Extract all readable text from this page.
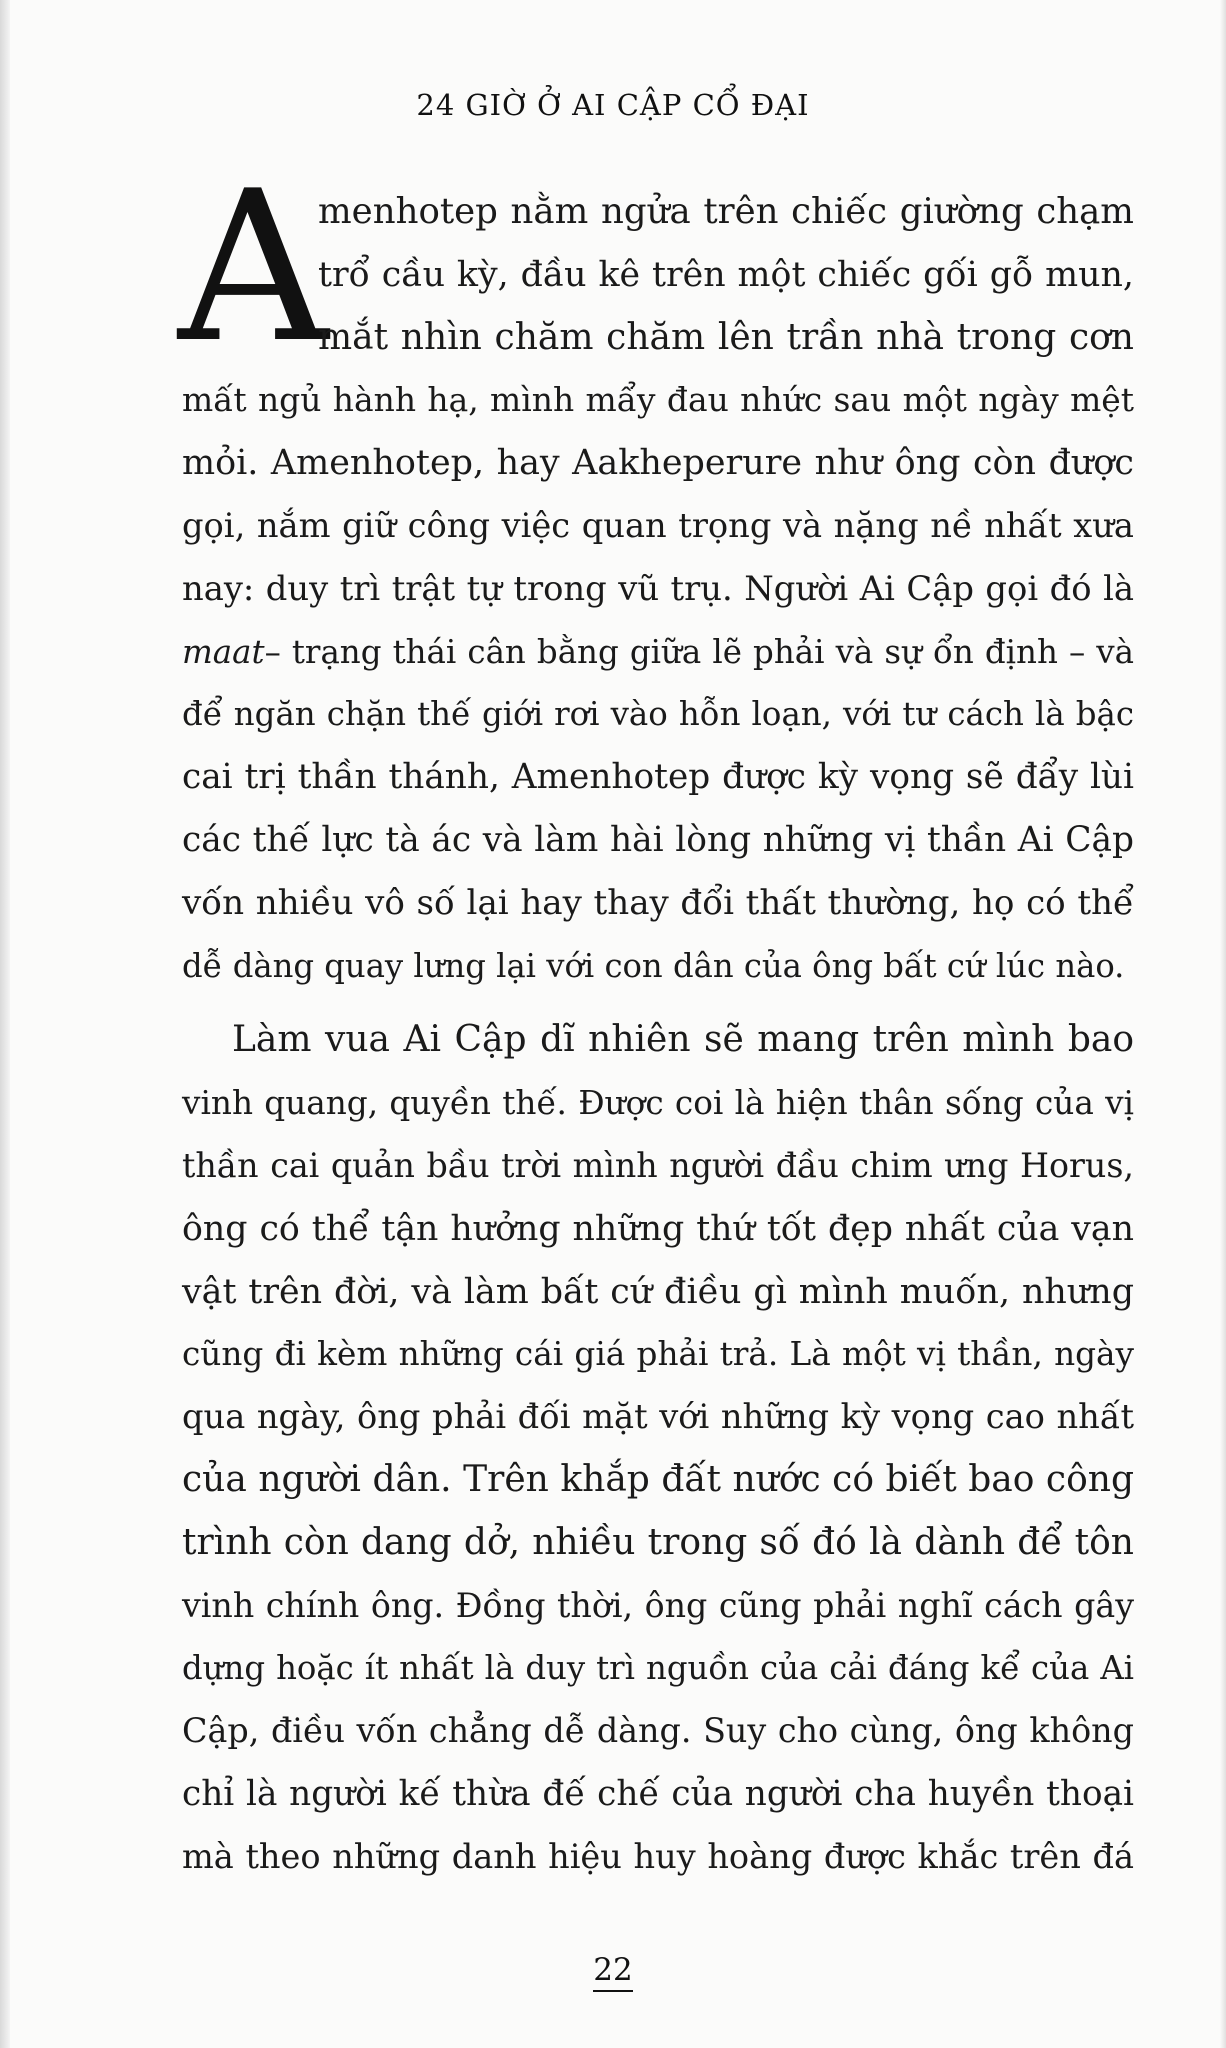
24 GIỜ Ở AI CẬP CỔ ĐẠI
A
menhotep nằm ngửa trên chiếc giường chạm
trổ cầu kỳ, đầu kê trên một chiếc gối gỗ mun,
mắt nhìn chăm chăm lên trần nhà trong cơn
mất ngủ hành hạ, mình mẩy đau nhức sau một ngày mệt
mỏi. Amenhotep, hay Aakheperure như ông còn được
gọi, nắm giữ công việc quan trọng và nặng nề nhất xưa
nay: duy trì trật tự trong vũ trụ. Người Ai Cập gọi đó là
maat– trạng thái cân bằng giữa lẽ phải và sự ổn định – và
để ngăn chặn thế giới rơi vào hỗn loạn, với tư cách là bậc
cai trị thần thánh, Amenhotep được kỳ vọng sẽ đẩy lùi
các thế lực tà ác và làm hài lòng những vị thần Ai Cập
vốn nhiều vô số lại hay thay đổi thất thường, họ có thể
dễ dàng quay lưng lại với con dân của ông bất cứ lúc nào.
Làm vua Ai Cập dĩ nhiên sẽ mang trên mình bao
vinh quang, quyền thế. Được coi là hiện thân sống của vị
thần cai quản bầu trời mình người đầu chim ưng Horus,
ông có thể tận hưởng những thứ tốt đẹp nhất của vạn
vật trên đời, và làm bất cứ điều gì mình muốn, nhưng
cũng đi kèm những cái giá phải trả. Là một vị thần, ngày
qua ngày, ông phải đối mặt với những kỳ vọng cao nhất
của người dân. Trên khắp đất nước có biết bao công
trình còn dang dở, nhiều trong số đó là dành để tôn
vinh chính ông. Đồng thời, ông cũng phải nghĩ cách gây
dựng hoặc ít nhất là duy trì nguồn của cải đáng kể của Ai
Cập, điều vốn chẳng dễ dàng. Suy cho cùng, ông không
chỉ là người kế thừa đế chế của người cha huyền thoại
mà theo những danh hiệu huy hoàng được khắc trên đá
22
